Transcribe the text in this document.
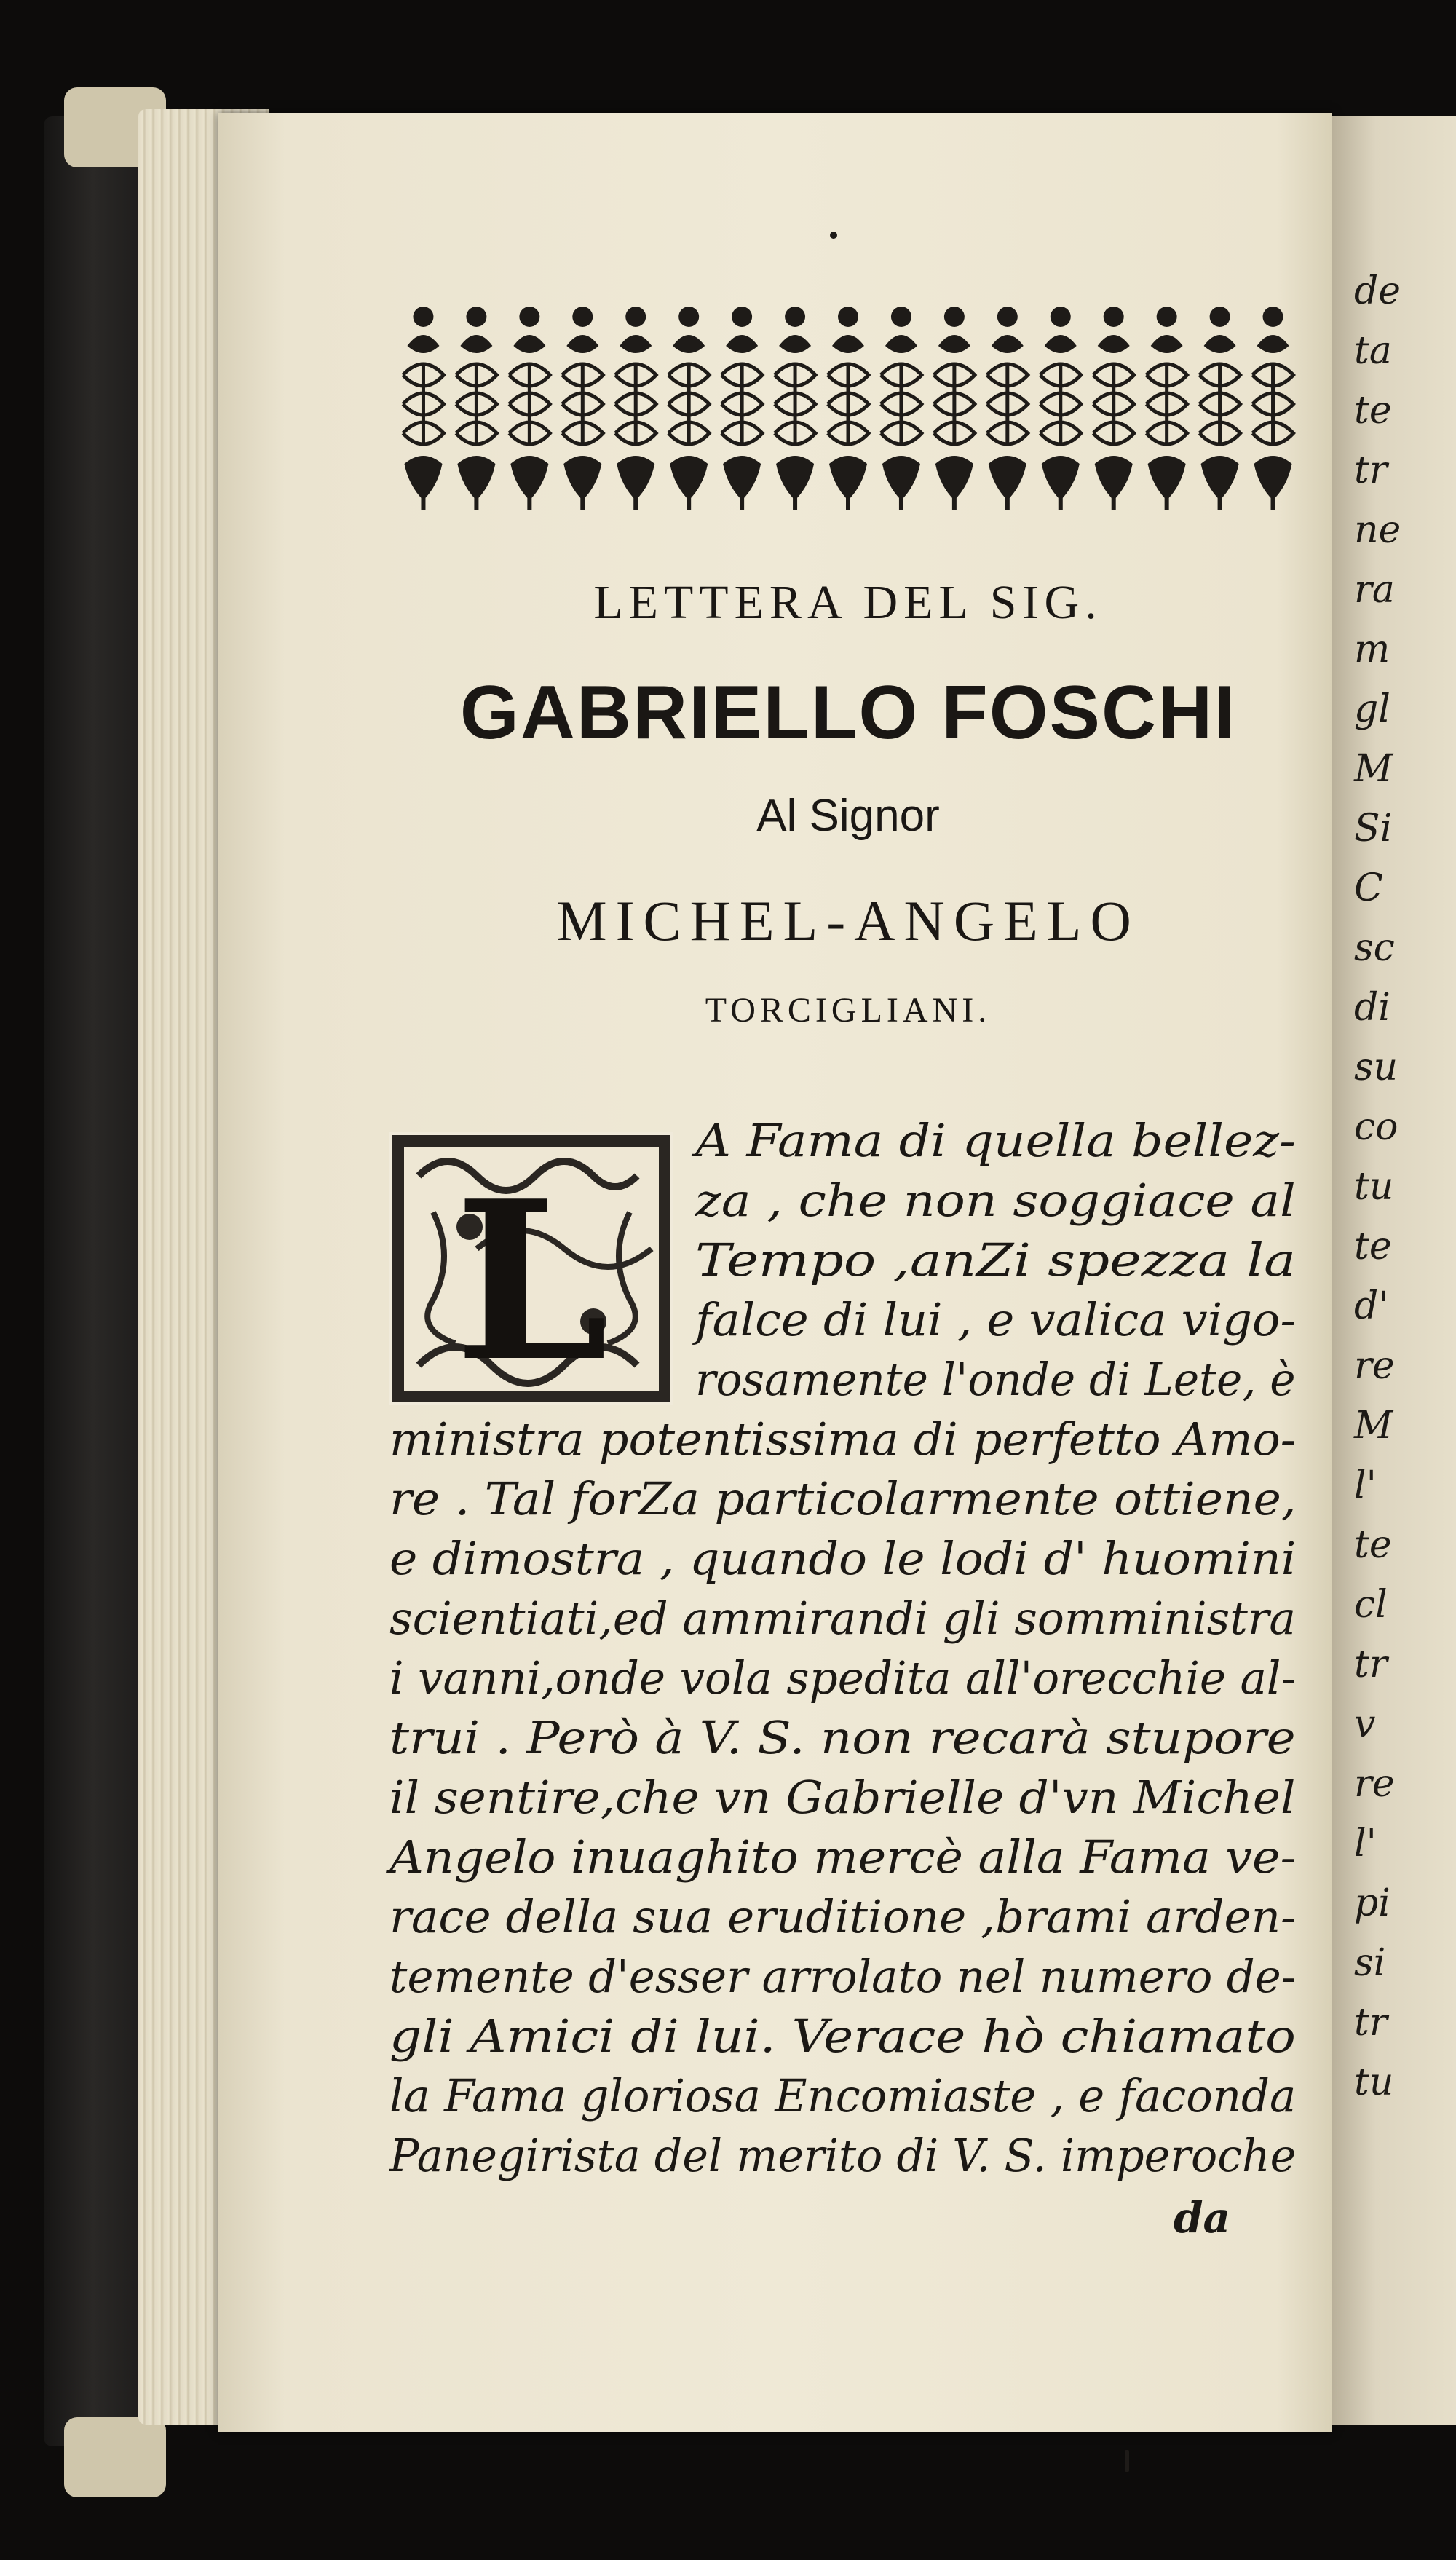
de
ta
te
tr
ne
ra
m
gl
M
Si
C
sc
di
su
co
tu
te
d'
re
M
l'
te
cl
tr
v
re
l'
pi
si
tr
tu
LETTERA DEL SIG.
GABRIELLO FOSCHI
Al Signor
MICHEL-ANGELO
TORCIGLIANI.
L
A Fama di quella bellez-
za , che non soggiace al
Tempo ,anZi spezza la
falce di lui , e valica vigo-
rosamente l'onde di Lete, è
ministra potentissima di perfetto Amo-
re . Tal forZa particolarmente ottiene,
e dimostra , quando le lodi d' huomini
scientiati,ed ammirandi gli somministra
i vanni,onde vola spedita all'orecchie al-
trui . Però à V. S. non recarà stupore
il sentire,che vn Gabrielle d'vn Michel
Angelo inuaghito mercè alla Fama ve-
race della sua eruditione ,brami arden-
temente d'esser arrolato nel numero de-
gli Amici di lui. Verace hò chiamato
la Fama gloriosa Encomiaste , e faconda
Panegirista del merito di V. S. imperoche
da
